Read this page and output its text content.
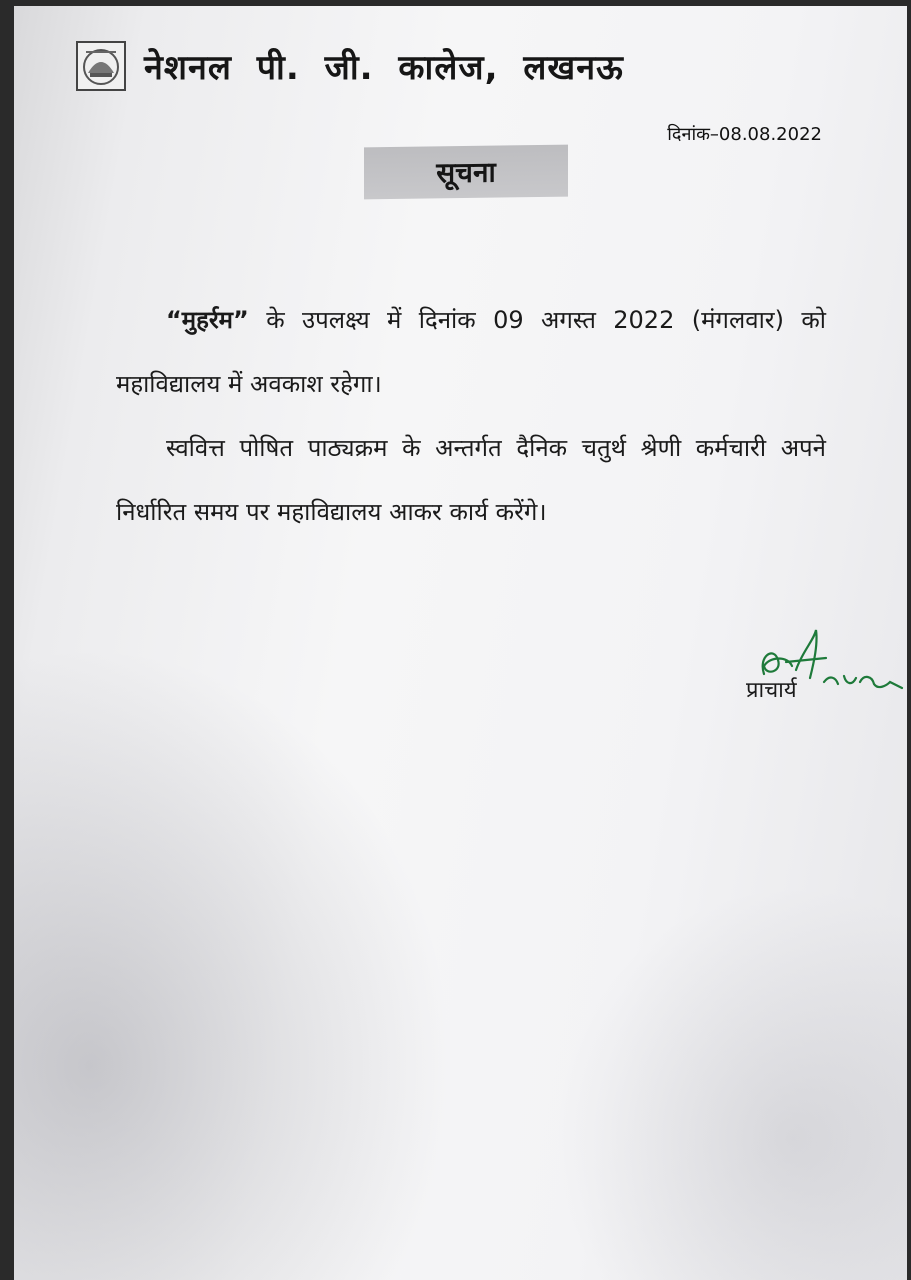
नेशनल पी. जी. कालेज, लखनऊ
दिनांक–08.08.2022
सूचना
“मुहर्रम” के उपलक्ष्य में दिनांक 09 अगस्त 2022 (मंगलवार) को महाविद्यालय में अवकाश रहेगा।
स्ववित्त पोषित पाठ्यक्रम के अन्तर्गत दैनिक चतुर्थ श्रेणी कर्मचारी अपने निर्धारित समय पर महाविद्यालय आकर कार्य करेंगे।
प्राचार्य
